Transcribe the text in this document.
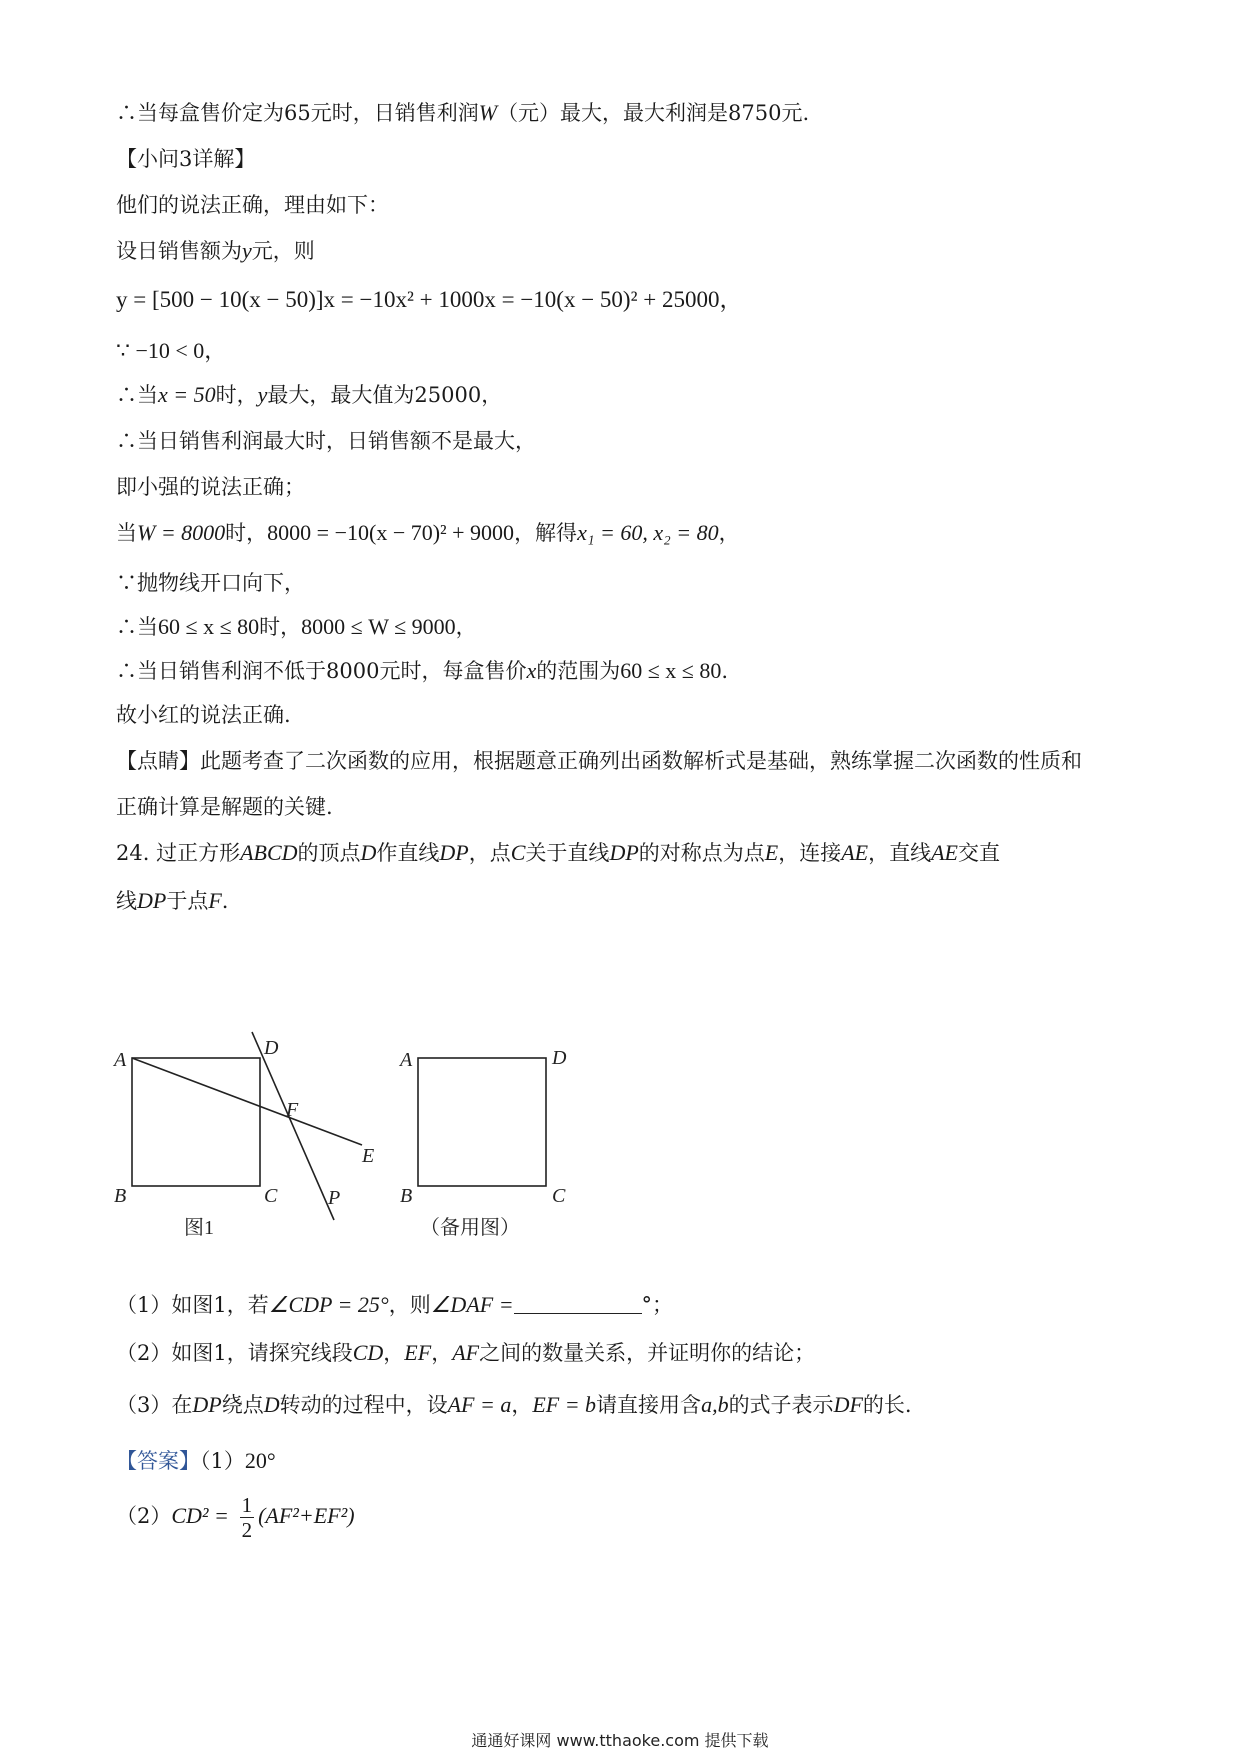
∴当每盒售价定为65元时，日销售利润W（元）最大，最大利润是8750元.
【小问3详解】
他们的说法正确，理由如下：
设日销售额为y元，则
y = [500 − 10(x − 50)]x = −10x² + 1000x = −10(x − 50)² + 25000，
∵ −10 < 0，
∴当x = 50时，y最大，最大值为25000，
∴当日销售利润最大时，日销售额不是最大，
即小强的说法正确；
当W = 8000时，8000 = −10(x − 70)² + 9000，解得x₁ = 60, x₂ = 80，
∵抛物线开口向下，
∴当60 ≤ x ≤ 80时，8000 ≤ W ≤ 9000，
∴当日销售利润不低于8000元时，每盒售价x的范围为60 ≤ x ≤ 80.
故小红的说法正确.
【点睛】此题考查了二次函数的应用，根据题意正确列出函数解析式是基础，熟练掌握二次函数的性质和
正确计算是解题的关键.
24. 过正方形ABCD的顶点D作直线DP，点C关于直线DP的对称点为点E，连接AE，直线AE交直
线DP于点F.
A
B	C
D
E
F
P
图1
A
B	C
D
（备用图）
（1）如图1，若∠CDP = 25°，则∠DAF =	°；
（2）如图1，请探究线段CD，EF，AF之间的数量关系，并证明你的结论；
（3）在DP绕点D转动的过程中，设AF = a，EF = b请直接用含a,b的式子表示DF的长.
【答案】（1）20°
$(2)CD^2 = \frac{1}{2} (AF^2+EF^2)$
通通好课网 www.tthaoke.com 提供下载
